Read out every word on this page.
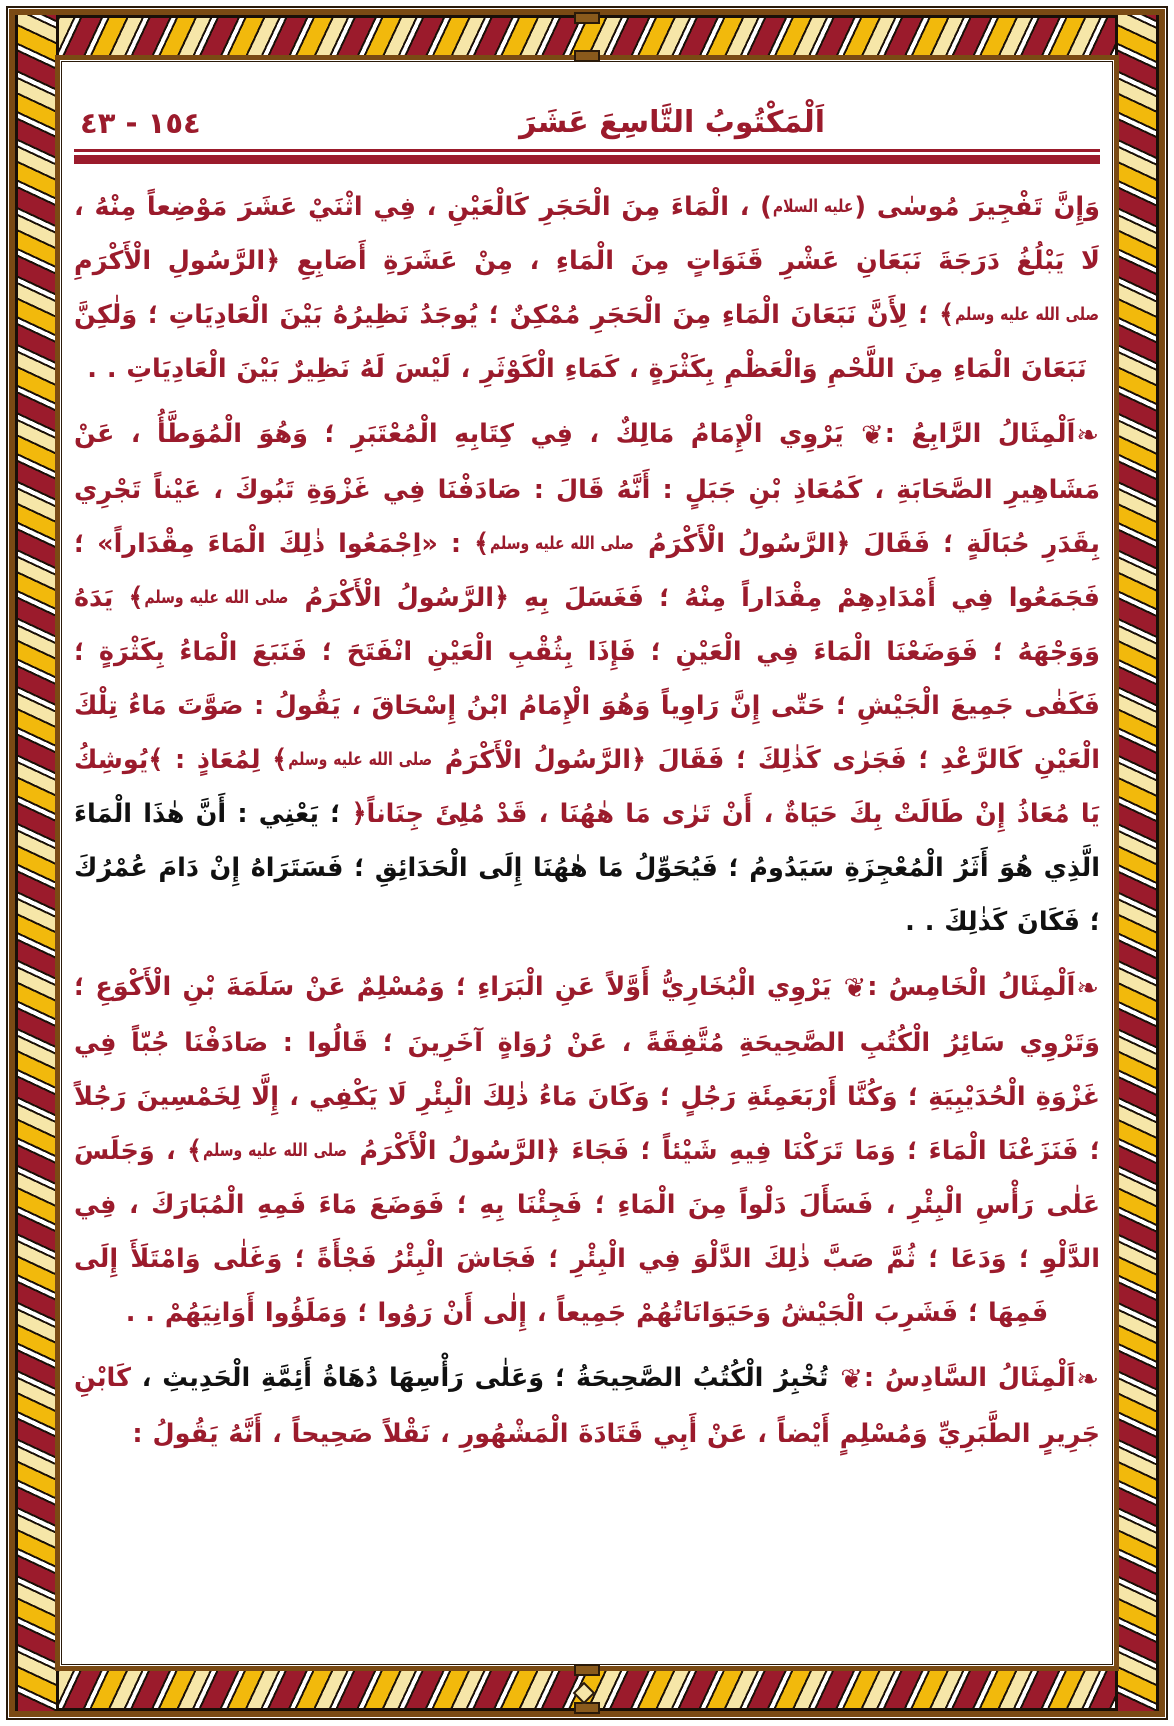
اَلْمَكْتُوبُ التَّاسِعَ عَشَرَ
١٥٤ - ٤٣

وَإِنَّ تَفْجِيرَ مُوسٰى (عليه السلام) ، الْمَاءَ مِنَ الْحَجَرِ كَالْعَيْنِ ، فِي اثْنَيْ عَشَرَ مَوْضِعاً مِنْهُ ، لَا يَبْلُغُ دَرَجَةَ نَبَعَانِ عَشْرِ قَنَوَاتٍ مِنَ الْمَاءِ ، مِنْ عَشَرَةِ أَصَابِعِ ﴿الرَّسُولِ الْأَكْرَمِ صلى الله عليه وسلم﴾ ؛ لِأَنَّ نَبَعَانَ الْمَاءِ مِنَ الْحَجَرِ مُمْكِنٌ ؛ يُوجَدُ نَظِيرُهُ بَيْنَ الْعَادِيَاتِ ؛ وَلٰكِنَّ نَبَعَانَ الْمَاءِ مِنَ اللَّحْمِ وَالْعَظْمِ بِكَثْرَةٍ ، كَمَاءِ الْكَوْثَرِ ، لَيْسَ لَهُ نَظِيرٌ بَيْنَ الْعَادِيَاتِ . .

❧اَلْمِثَالُ الرَّابِعُ :❦ يَرْوِي الْإِمَامُ مَالِكٌ ، فِي كِتَابِهِ الْمُعْتَبَرِ ؛ وَهُوَ الْمُوَطَّأُ ، عَنْ مَشَاهِيرِ الصَّحَابَةِ ، كَمُعَاذِ بْنِ جَبَلٍ : أَنَّهُ قَالَ : صَادَفْنَا فِي غَزْوَةِ تَبُوكَ ، عَيْناً تَجْرِي بِقَدَرِ حُبَالَةٍ ؛ فَقَالَ ﴿الرَّسُولُ الْأَكْرَمُ صلى الله عليه وسلم﴾ : «اِجْمَعُوا ذٰلِكَ الْمَاءَ مِقْدَاراً» ؛ فَجَمَعُوا فِي أَمْدَادِهِمْ مِقْدَاراً مِنْهُ ؛ فَغَسَلَ بِهِ ﴿الرَّسُولُ الْأَكْرَمُ صلى الله عليه وسلم﴾ يَدَهُ وَوَجْهَهُ ؛ فَوَضَعْنَا الْمَاءَ فِي الْعَيْنِ ؛ فَإِذَا بِثُقْبِ الْعَيْنِ انْفَتَحَ ؛ فَنَبَعَ الْمَاءُ بِكَثْرَةٍ ؛ فَكَفٰى جَمِيعَ الْجَيْشِ ؛ حَتّٰى إِنَّ رَاوِياً وَهُوَ الْإِمَامُ ابْنُ إِسْحَاقَ ، يَقُولُ : صَوَّتَ مَاءُ تِلْكَ الْعَيْنِ كَالرَّعْدِ ؛ فَجَرٰى كَذٰلِكَ ؛ فَقَالَ ﴿الرَّسُولُ الْأَكْرَمُ صلى الله عليه وسلم﴾ لِمُعَاذٍ : ﴾يُوشِكُ يَا مُعَاذُ إِنْ طَالَتْ بِكَ حَيَاةٌ ، أَنْ تَرٰى مَا هٰهُنَا ، قَدْ مُلِئَ جِنَاناً﴿ ؛ يَعْنِي : أَنَّ هٰذَا الْمَاءَ الَّذِي هُوَ أَثَرُ الْمُعْجِزَةِ سَيَدُومُ ؛ فَيُحَوِّلُ مَا هٰهُنَا إِلَى الْحَدَائِقِ ؛ فَسَتَرَاهُ إِنْ دَامَ عُمْرُكَ ؛ فَكَانَ كَذٰلِكَ . .

❧اَلْمِثَالُ الْخَامِسُ :❦ يَرْوِي الْبُخَارِيُّ أَوَّلاً عَنِ الْبَرَاءِ ؛ وَمُسْلِمٌ عَنْ سَلَمَةَ بْنِ الْأَكْوَعِ ؛ وَتَرْوِي سَائِرُ الْكُتُبِ الصَّحِيحَةِ مُتَّفِقَةً ، عَنْ رُوَاةٍ آخَرِينَ ؛ قَالُوا : صَادَفْنَا جُبّاً فِي غَزْوَةِ الْحُدَيْبِيَةِ ؛ وَكُنَّا أَرْبَعَمِئَةِ رَجُلٍ ؛ وَكَانَ مَاءُ ذٰلِكَ الْبِئْرِ لَا يَكْفِي ، إِلَّا لِخَمْسِينَ رَجُلاً ؛ فَنَزَعْنَا الْمَاءَ ؛ وَمَا تَرَكْنَا فِيهِ شَيْئاً ؛ فَجَاءَ ﴿الرَّسُولُ الْأَكْرَمُ صلى الله عليه وسلم﴾ ، وَجَلَسَ عَلٰى رَأْسِ الْبِئْرِ ، فَسَأَلَ دَلْواً مِنَ الْمَاءِ ؛ فَجِئْنَا بِهِ ؛ فَوَضَعَ مَاءَ فَمِهِ الْمُبَارَكَ ، فِي الدَّلْوِ ؛ وَدَعَا ؛ ثُمَّ صَبَّ ذٰلِكَ الدَّلْوَ فِي الْبِئْرِ ؛ فَجَاشَ الْبِئْرُ فَجْأَةً ؛ وَغَلٰى وَامْتَلَأَ إِلَى فَمِهَا ؛ فَشَرِبَ الْجَيْشُ وَحَيَوَانَاتُهُمْ جَمِيعاً ، إِلٰى أَنْ رَوُوا ؛ وَمَلَؤُوا أَوَانِيَهُمْ . .

❧اَلْمِثَالُ السَّادِسُ :❦ تُخْبِرُ الْكُتُبُ الصَّحِيحَةُ ؛ وَعَلٰى رَأْسِهَا دُهَاةُ أَئِمَّةِ الْحَدِيثِ ، كَابْنِ جَرِيرٍ الطَّبَرِيِّ وَمُسْلِمٍ أَيْضاً ، عَنْ أَبِي قَتَادَةَ الْمَشْهُورِ ، نَقْلاً صَحِيحاً ، أَنَّهُ يَقُولُ :
